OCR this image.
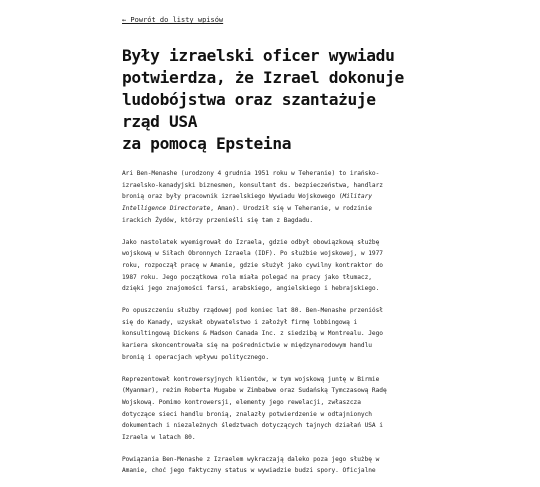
← Powrót do listy wpisów
Były izraelski oficer wywiadu
potwierdza, że Izrael dokonuje
ludobójstwa oraz szantażuje rząd USA
za pomocą Epsteina

Ari Ben-Menashe (urodzony 4 grudnia 1951 roku w Teheranie) to irańsko-
izraelsko-kanadyjski biznesmen, konsultant ds. bezpieczeństwa, handlarz
bronią oraz były pracownik izraelskiego Wywiadu Wojskowego (Military
Intelligence Directorate, Aman). Urodził się w Teheranie, w rodzinie
irackich Żydów, którzy przenieśli się tam z Bagdadu.

Jako nastolatek wyemigrował do Izraela, gdzie odbył obowiązkową służbę
wojskową w Siłach Obronnych Izraela (IDF). Po służbie wojskowej, w 1977
roku, rozpoczął pracę w Amanie, gdzie służył jako cywilny kontraktor do
1987 roku. Jego początkowa rola miała polegać na pracy jako tłumacz,
dzięki jego znajomości farsi, arabskiego, angielskiego i hebrajskiego.

Po opuszczeniu służby rządowej pod koniec lat 80. Ben-Menashe przeniósł
się do Kanady, uzyskał obywatelstwo i założył firmę lobbingową i
konsultingową Dickens & Madson Canada Inc. z siedzibą w Montrealu. Jego
kariera skoncentrowała się na pośrednictwie w międzynarodowym handlu
bronią i operacjach wpływu politycznego.

Reprezentował kontrowersyjnych klientów, w tym wojskową juntę w Birmie
(Myanmar), reżim Roberta Mugabe w Zimbabwe oraz Sudańską Tymczasową Radę
Wojskową. Pomimo kontrowersji, elementy jego rewelacji, zwłaszcza
dotyczące sieci handlu bronią, znalazły potwierdzenie w odtajnionych
dokumentach i niezależnych śledztwach dotyczących tajnych działań USA i
Izraela w latach 80.

Powiązania Ben-Menashe z Izraelem wykraczają daleko poza jego służbę w
Amanie, choć jego faktyczny status w wywiadzie budzi spory. Oficjalne
